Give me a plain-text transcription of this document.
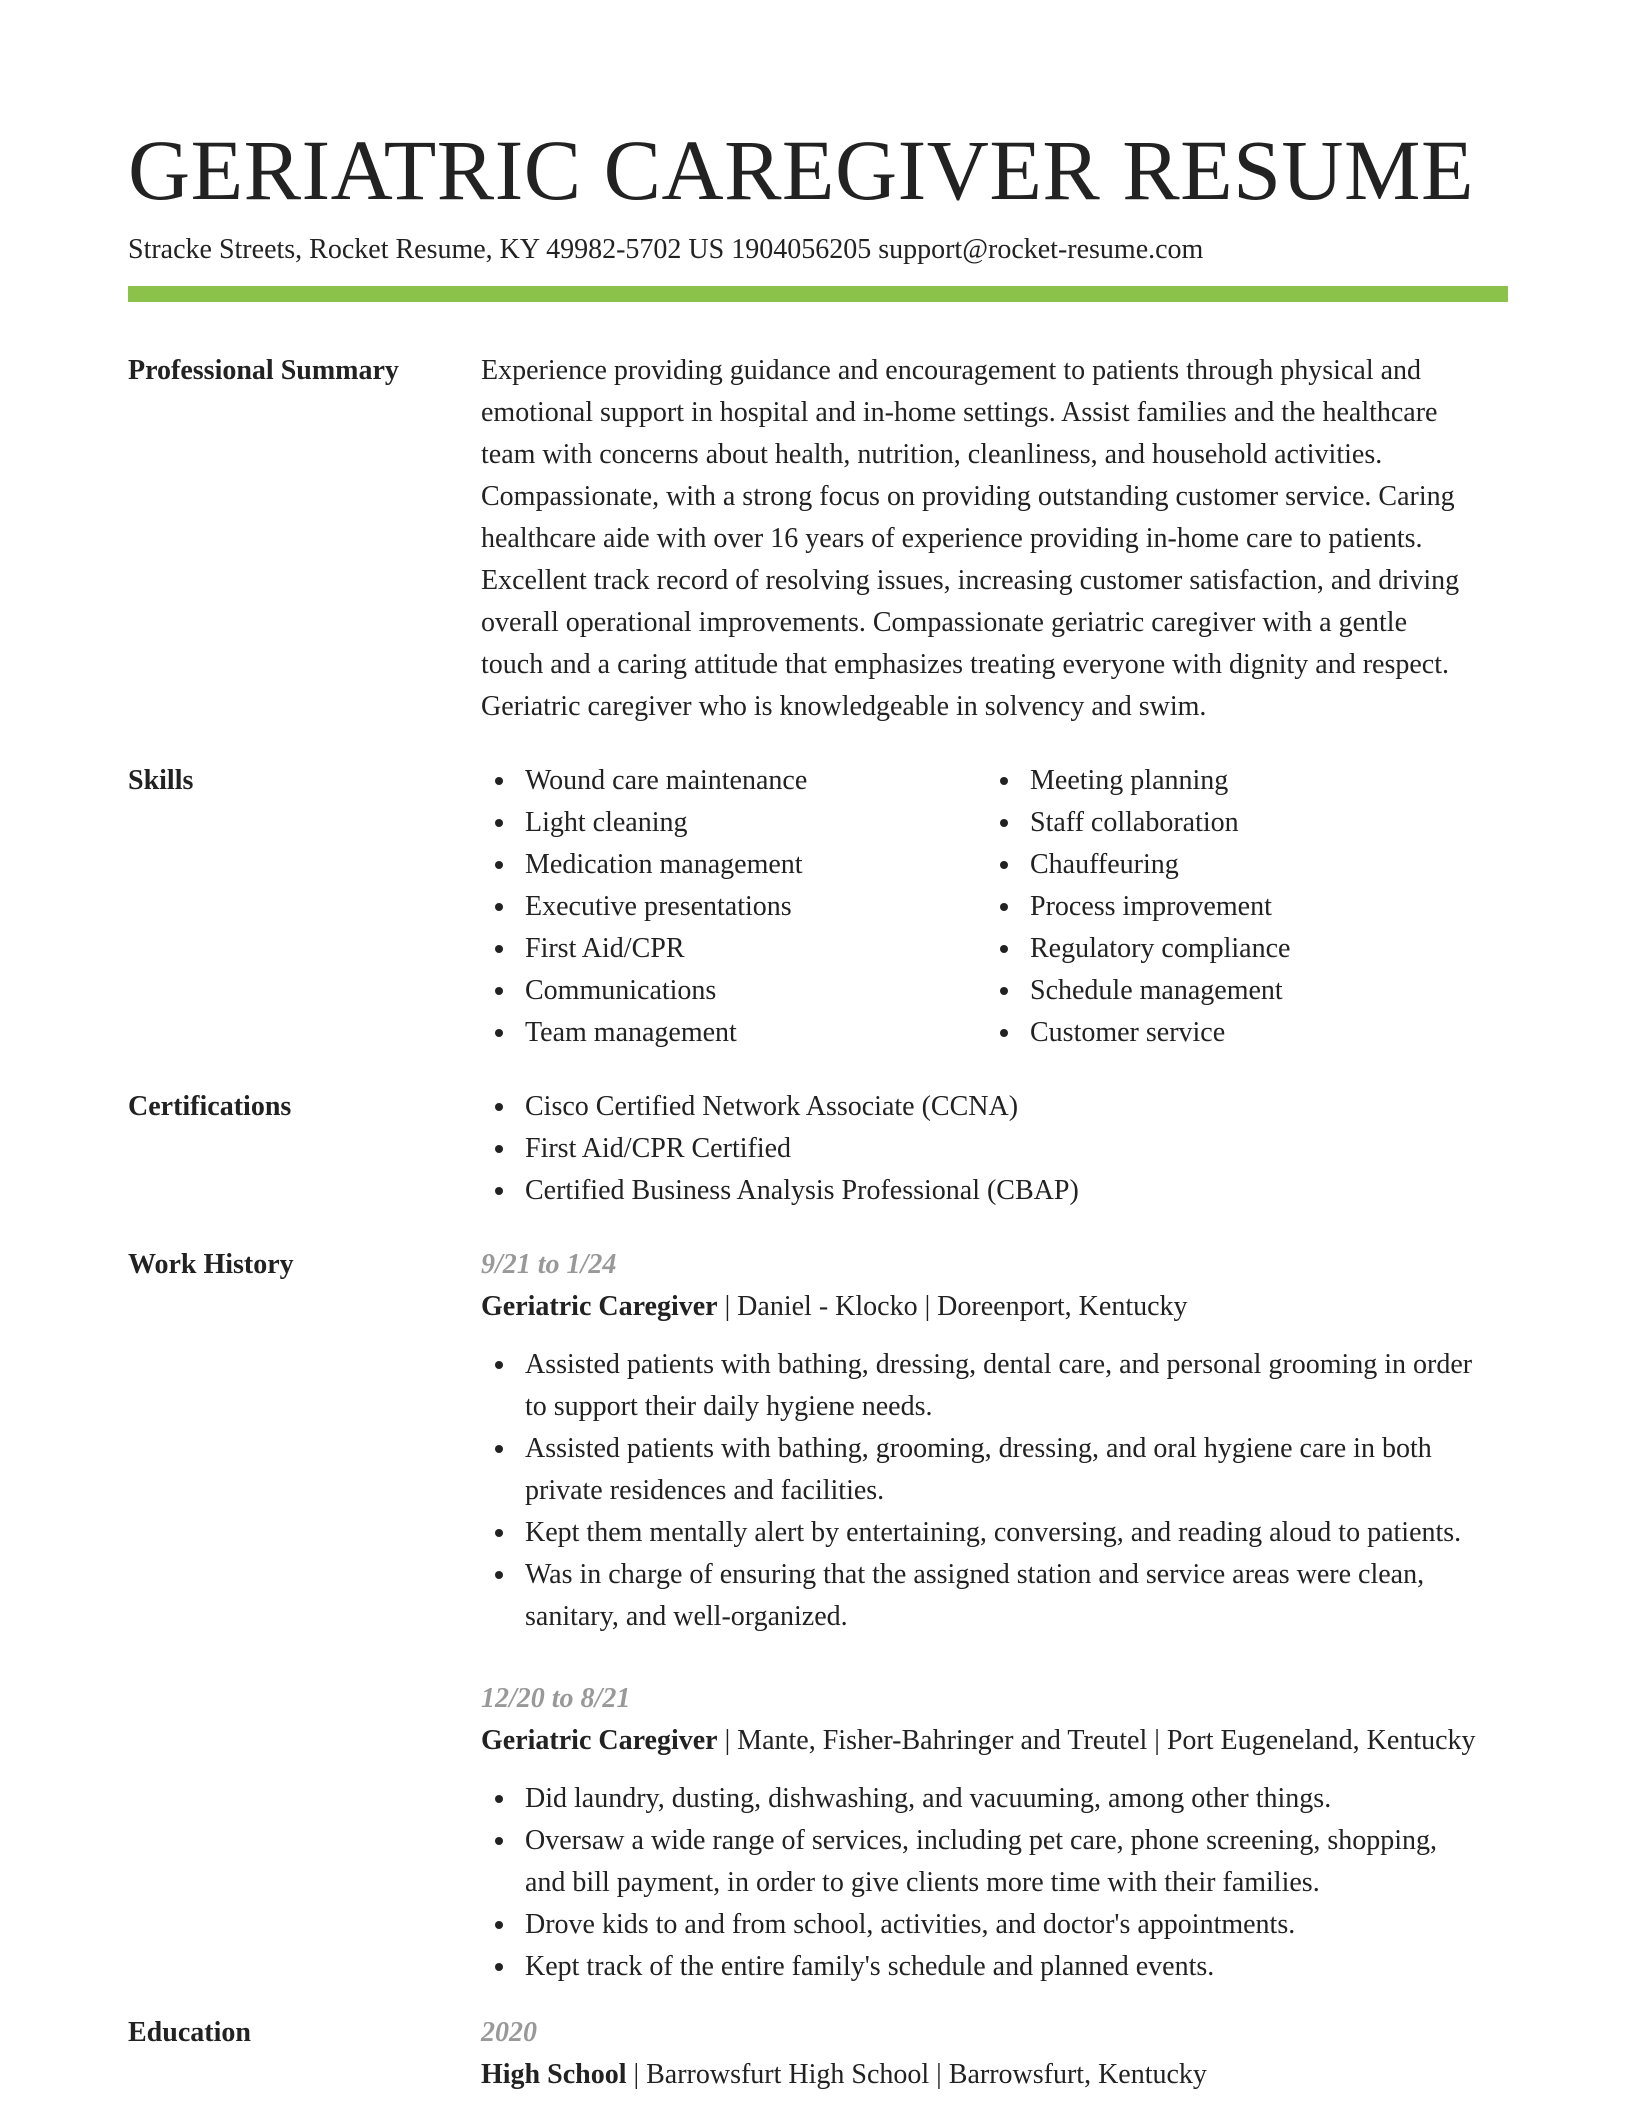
GERIATRIC CAREGIVER RESUME
Stracke Streets, Rocket Resume, KY 49982-5702 US 1904056205 support@rocket-resume.com
Professional Summary	Experience providing guidance and encouragement to patients through physical and
emotional support in hospital and in-home settings. Assist families and the healthcare
team with concerns about health, nutrition, cleanliness, and household activities.
Compassionate, with a strong focus on providing outstanding customer service. Caring
healthcare aide with over 16 years of experience providing in-home care to patients.
Excellent track record of resolving issues, increasing customer satisfaction, and driving
overall operational improvements. Compassionate geriatric caregiver with a gentle
touch and a caring attitude that emphasizes treating everyone with dignity and respect.
Geriatric caregiver who is knowledgeable in solvency and swim.
Skills	Wound care maintenance
Light cleaning
Medication management
Executive presentations
First Aid/CPR
Communications
Team management
Meeting planning
Staff collaboration
Chauffeuring
Process improvement
Regulatory compliance
Schedule management
Customer service
Certifications	Cisco Certified Network Associate (CCNA)
First Aid/CPR Certified
Certified Business Analysis Professional (CBAP)
Work History	9/21 to 1/24
Geriatric Caregiver | Daniel - Klocko | Doreenport, Kentucky
Assisted patients with bathing, dressing, dental care, and personal grooming in order
to support their daily hygiene needs.
Assisted patients with bathing, grooming, dressing, and oral hygiene care in both
private residences and facilities.
Kept them mentally alert by entertaining, conversing, and reading aloud to patients.
Was in charge of ensuring that the assigned station and service areas were clean,
sanitary, and well-organized.
12/20 to 8/21
Geriatric Caregiver | Mante, Fisher-Bahringer and Treutel | Port Eugeneland, Kentucky
Did laundry, dusting, dishwashing, and vacuuming, among other things.
Oversaw a wide range of services, including pet care, phone screening, shopping,
and bill payment, in order to give clients more time with their families.
Drove kids to and from school, activities, and doctor's appointments.
Kept track of the entire family's schedule and planned events.
Education	2020
High School | Barrowsfurt High School | Barrowsfurt, Kentucky
